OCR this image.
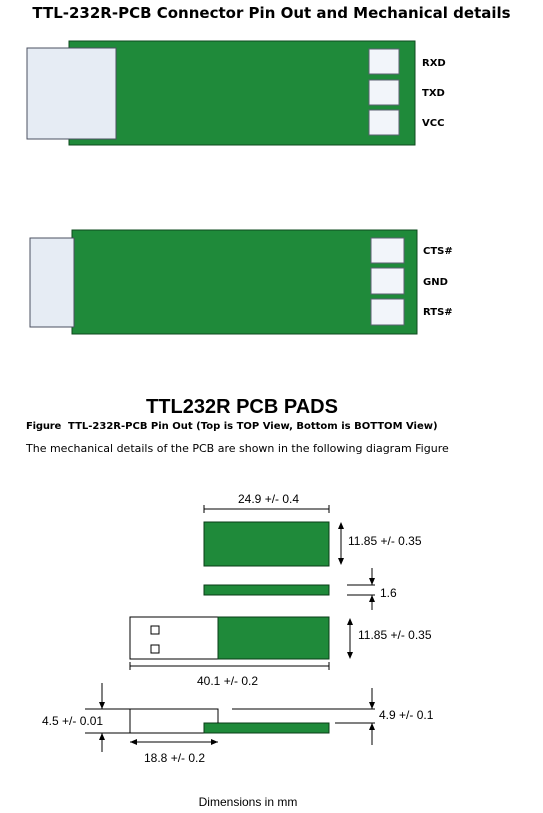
TTL-232R-PCB Connector Pin Out and Mechanical details
RXD
TXD
VCC
CTS#
GND
RTS#
24.9 +/- 0.4
11.85 +/- 0.35
1.6
11.85 +/- 0.35
40.1 +/- 0.2
4.5 +/- 0.01	4.9 +/- 0.1
18.8 +/- 0.2
TTL232R PCB PADS
Figure TTL-232R-PCB Pin Out (Top is TOP View, Bottom is BOTTOM View)
The mechanical details of the PCB are shown in the following diagram Figure
Dimensions in mm
